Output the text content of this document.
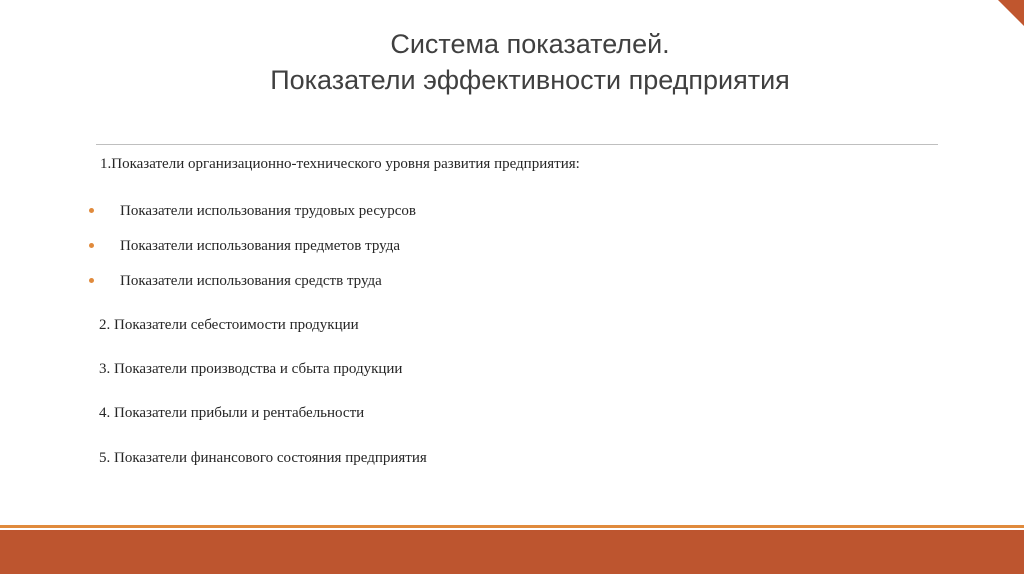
Система показателей.
Показатели эффективности предприятия
1.Показатели организационно-технического уровня развития предприятия:
Показатели использования трудовых ресурсов
Показатели использования предметов труда
Показатели использования средств труда
2. Показатели себестоимости продукции
3. Показатели производства и сбыта продукции
4. Показатели прибыли и рентабельности
5. Показатели финансового состояния предприятия
